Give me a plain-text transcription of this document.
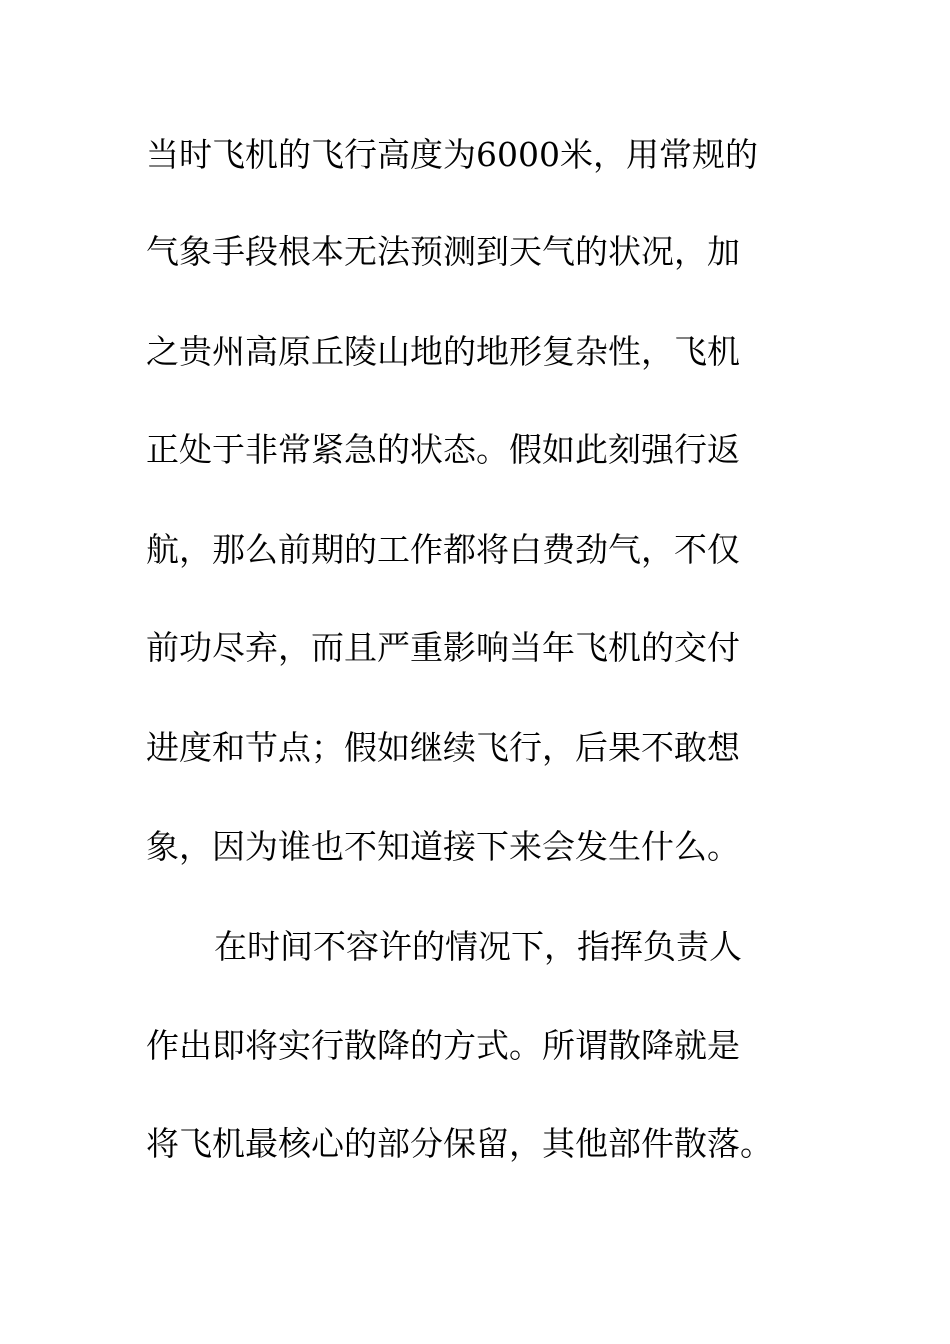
当时飞机的飞行高度为6000米，用常规的
气象手段根本无法预测到天气的状况，加
之贵州高原丘陵山地的地形复杂性，飞机
正处于非常紧急的状态。假如此刻强行返
航，那么前期的工作都将白费劲气，不仅
前功尽弃，而且严重影响当年飞机的交付
进度和节点；假如继续飞行，后果不敢想
象，因为谁也不知道接下来会发生什么。
在时间不容许的情况下，指挥负责人
作出即将实行散降的方式。所谓散降就是
将飞机最核心的部分保留，其他部件散落。
